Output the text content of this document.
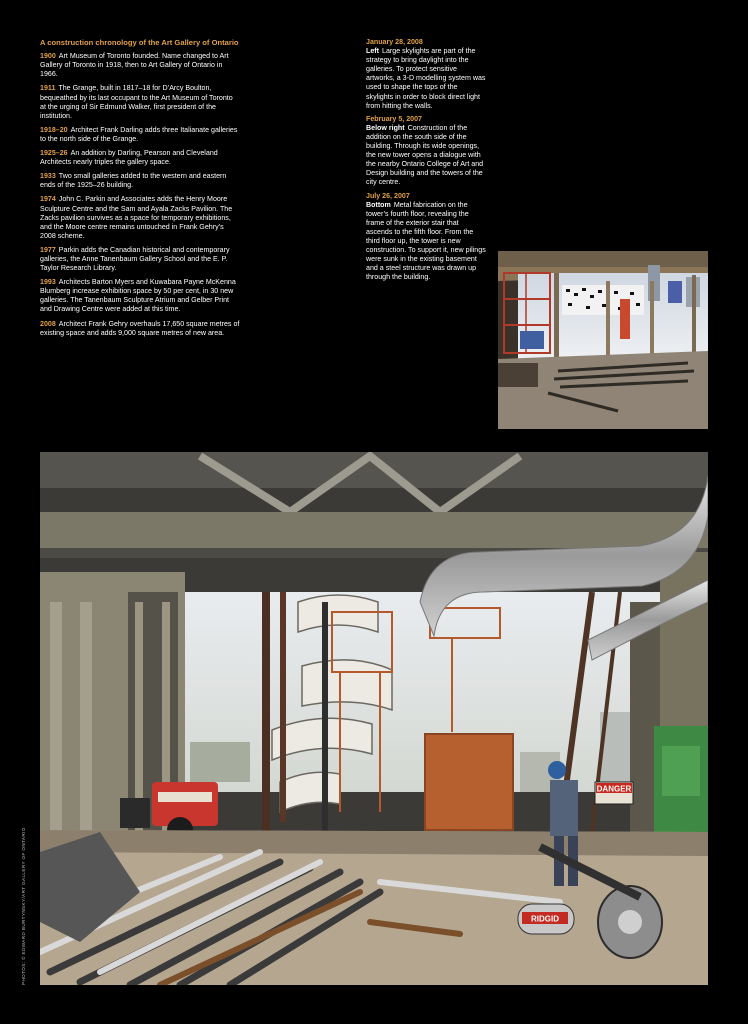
A construction chronology of the Art Gallery of Ontario
1900 Art Museum of Toronto founded. Name changed to Art Gallery of Toronto in 1918, then to Art Gallery of Ontario in 1966.
1911 The Grange, built in 1817–18 for D’Arcy Boulton, bequeathed by its last occupant to the Art Museum of Toronto at the urging of Sir Edmund Walker, first president of the institution.
1918–20 Architect Frank Darling adds three Italianate galleries to the north side of the Grange.
1925–26 An addition by Darling, Pearson and Cleveland Architects nearly triples the gallery space.
1933 Two small galleries added to the western and eastern ends of the 1925–26 building.
1974 John C. Parkin and Associates adds the Henry Moore Sculpture Centre and the Sam and Ayala Zacks Pavilion. The Zacks pavilion survives as a space for temporary exhibitions, and the Moore centre remains untouched in Frank Gehry’s 2008 scheme.
1977 Parkin adds the Canadian historical and contemporary galleries, the Anne Tanenbaum Gallery School and the E. P. Taylor Research Library.
1993 Architects Barton Myers and Kuwabara Payne McKenna Blumberg increase exhibition space by 50 per cent, in 30 new galleries. The Tanenbaum Sculpture Atrium and Gelber Print and Drawing Centre were added at this time.
2008 Architect Frank Gehry overhauls 17,650 square metres of existing space and adds 9,000 square metres of new area.
January 28, 2008
Left Large skylights are part of the strategy to bring daylight into the galleries. To protect sensitive artworks, a 3-D modelling system was used to shape the tops of the skylights in order to block direct light from hitting the walls.
February 5, 2007
Below right Construction of the addition on the south side of the building. Through its wide openings, the new tower opens a dialogue with the nearby Ontario College of Art and Design building and the towers of the city centre.
July 26, 2007
Bottom Metal fabrication on the tower’s fourth floor, revealing the frame of the exterior stair that ascends to the fifth floor. From the third floor up, the tower is new construction. To support it, new pilings were sunk in the existing basement and a steel structure was drawn up through the building.
DANGER
RIDGID
PHOTOS: © EDWARD BURTYNSKY/ART GALLERY OF ONTARIO
